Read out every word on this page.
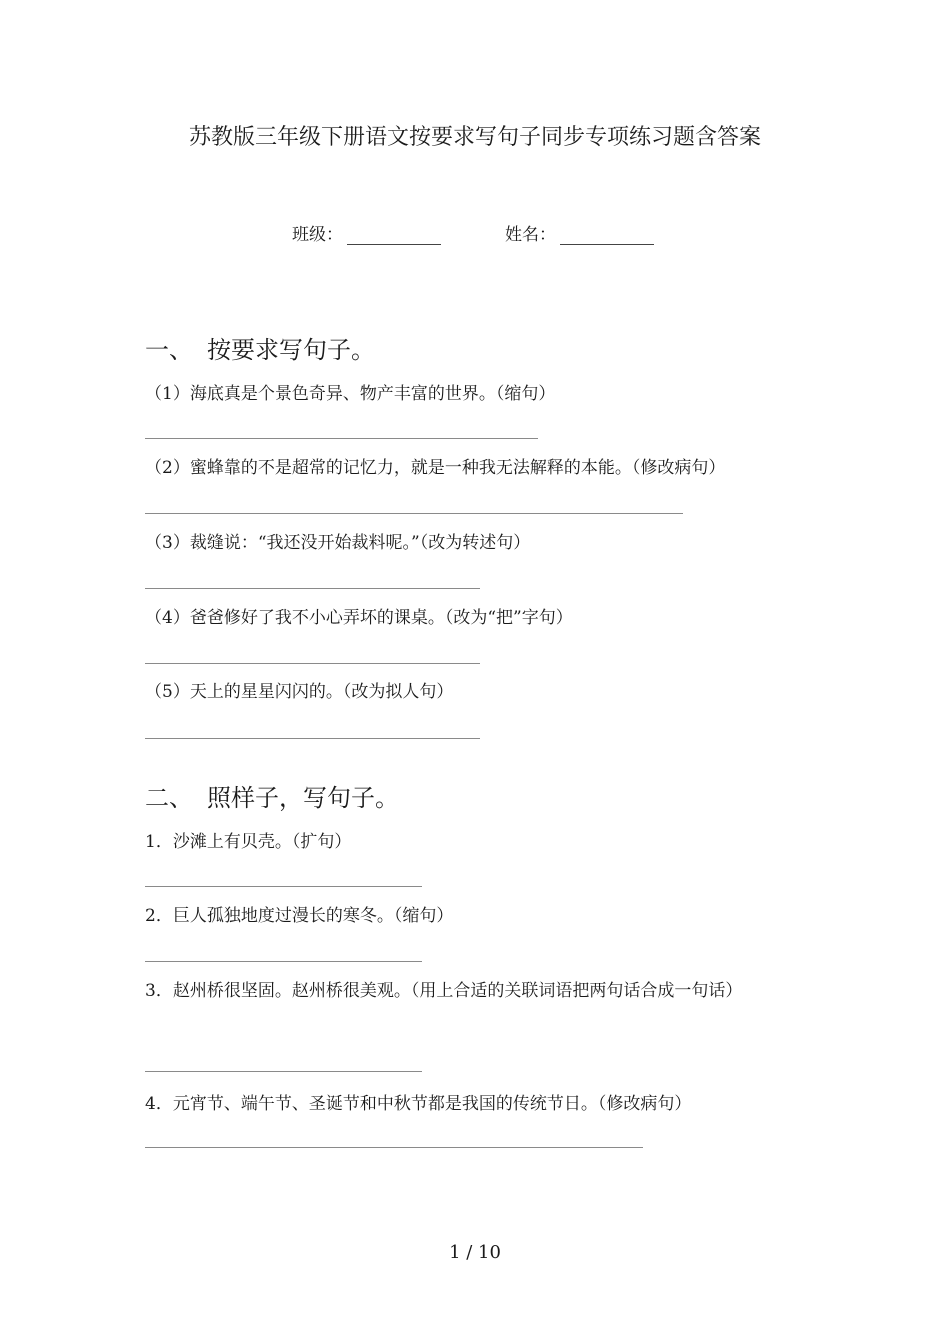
苏教版三年级下册语文按要求写句子同步专项练习题含答案
班级：	姓名：
一、 按要求写句子。
（1）海底真是个景色奇异、物产丰富的世界。（缩句）
（2）蜜蜂靠的不是超常的记忆力，就是一种我无法解释的本能。（修改病句）
（3）裁缝说：“我还没开始裁料呢。”（改为转述句）
（4）爸爸修好了我不小心弄坏的课桌。（改为“把”字句）
（5）天上的星星闪闪的。（改为拟人句）
二、 照样子，写句子。
1．沙滩上有贝壳。（扩句）
2．巨人孤独地度过漫长的寒冬。（缩句）
3．赵州桥很坚固。赵州桥很美观。（用上合适的关联词语把两句话合成一句话）
4．元宵节、端午节、圣诞节和中秋节都是我国的传统节日。（修改病句）
1 / 10
